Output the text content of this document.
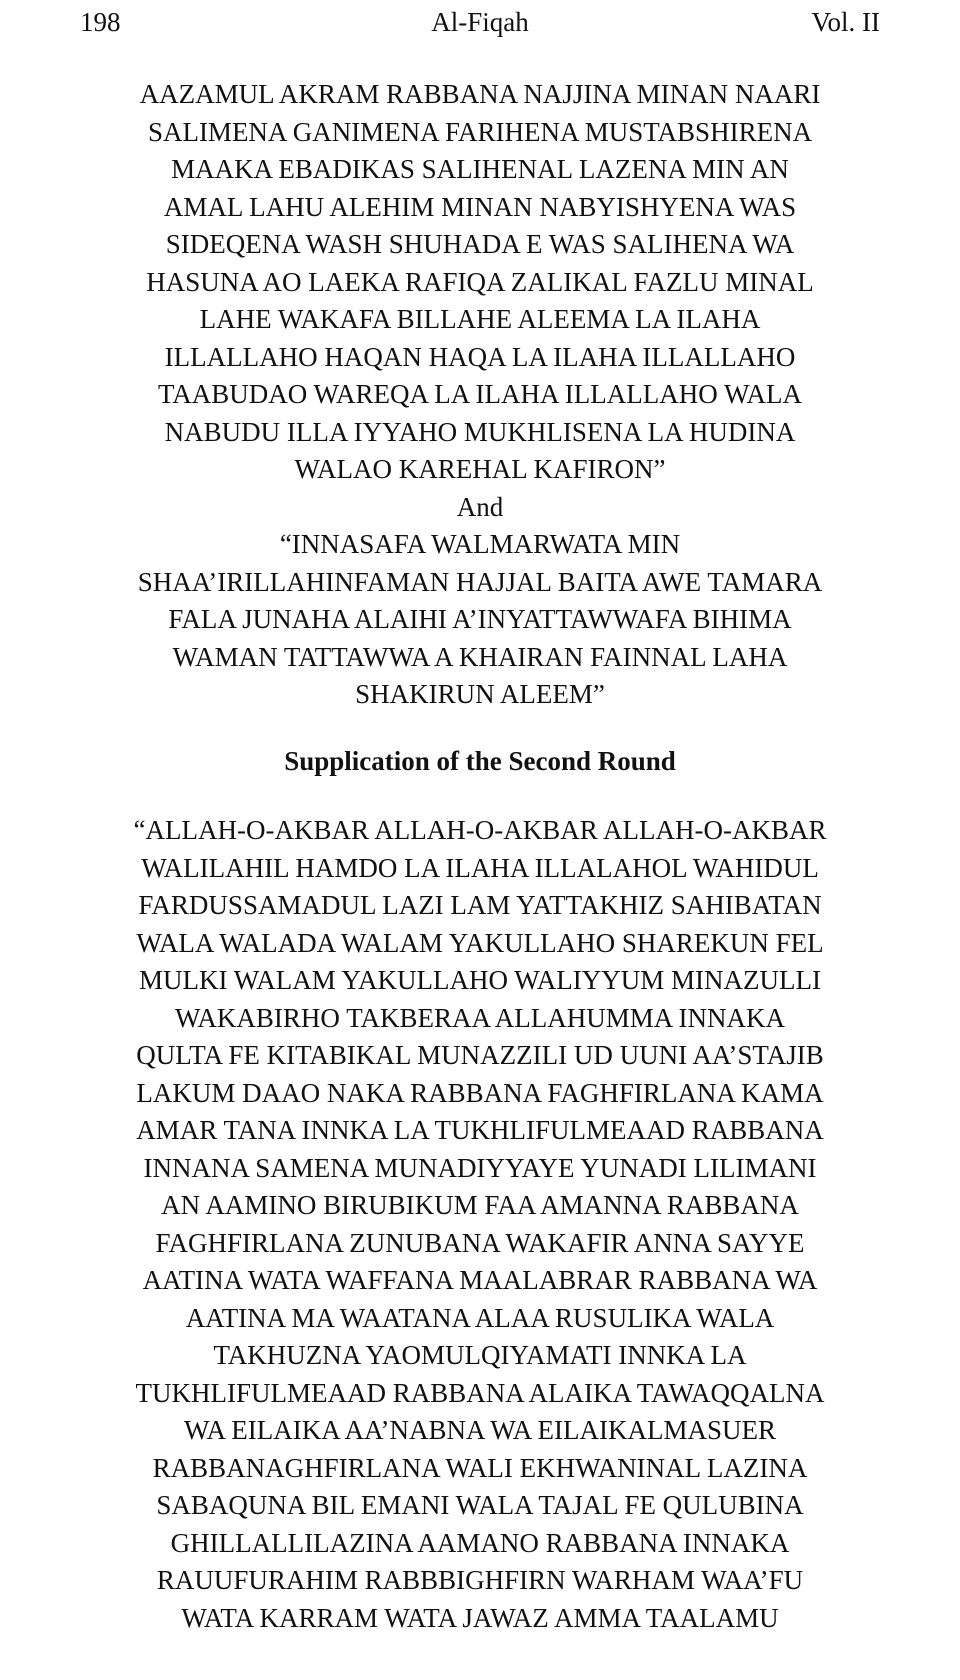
198	Al-Fiqah	Vol. II
AAZAMUL AKRAM RABBANA NAJJINA MINAN NAARI
SALIMENA GANIMENA FARIHENA MUSTABSHIRENA
MAAKA EBADIKAS SALIHENAL LAZENA MIN AN
AMAL LAHU ALEHIM MINAN NABYISHYENA WAS
SIDEQENA WASH SHUHADA E WAS SALIHENA WA
HASUNA AO LAEKA RAFIQA ZALIKAL FAZLU MINAL
LAHE WAKAFA BILLAHE ALEEMA LA ILAHA
ILLALLAHO HAQAN HAQA LA ILAHA ILLALLAHO
TAABUDAO WAREQA LA ILAHA ILLALLAHO WALA
NABUDU ILLA IYYAHO MUKHLISENA LA HUDINA
WALAO KAREHAL KAFIRON”
And
“INNASAFA WALMARWATA MIN
SHAA’IRILLAHINFAMAN HAJJAL BAITA AWE TAMARA
FALA JUNAHA ALAIHI A’INYATTAWWAFA BIHIMA
WAMAN TATTAWWA A KHAIRAN FAINNAL LAHA
SHAKIRUN ALEEM”
Supplication of the Second Round
“ALLAH-O-AKBAR ALLAH-O-AKBAR ALLAH-O-AKBAR
WALILAHIL HAMDO LA ILAHA ILLALAHOL WAHIDUL
FARDUSSAMADUL LAZI LAM YATTAKHIZ SAHIBATAN
WALA WALADA WALAM YAKULLAHO SHAREKUN FEL
MULKI WALAM YAKULLAHO WALIYYUM MINAZULLI
WAKABIRHO TAKBERAA ALLAHUMMA INNAKA
QULTA FE KITABIKAL MUNAZZILI UD UUNI AA’STAJIB
LAKUM DAAO NAKA RABBANA FAGHFIRLANA KAMA
AMAR TANA INNKA LA TUKHLIFULMEAAD RABBANA
INNANA SAMENA MUNADIYYAYE YUNADI LILIMANI
AN AAMINO BIRUBIKUM FAA AMANNA RABBANA
FAGHFIRLANA ZUNUBANA WAKAFIR ANNA SAYYE
AATINA WATA WAFFANA MAALABRAR RABBANA WA
AATINA MA WAATANA ALAA RUSULIKA WALA
TAKHUZNA YAOMULQIYAMATI INNKA LA
TUKHLIFULMEAAD RABBANA ALAIKA TAWAQQALNA
WA EILAIKA AA’NABNA WA EILAIKALMASUER
RABBANAGHFIRLANA WALI EKHWANINAL LAZINA
SABAQUNA BIL EMANI WALA TAJAL FE QULUBINA
GHILLALLILAZINA AAMANO RABBANA INNAKA
RAUUFURAHIM RABBBIGHFIRN WARHAM WAA’FU
WATA KARRAM WATA JAWAZ AMMA TAALAMU
